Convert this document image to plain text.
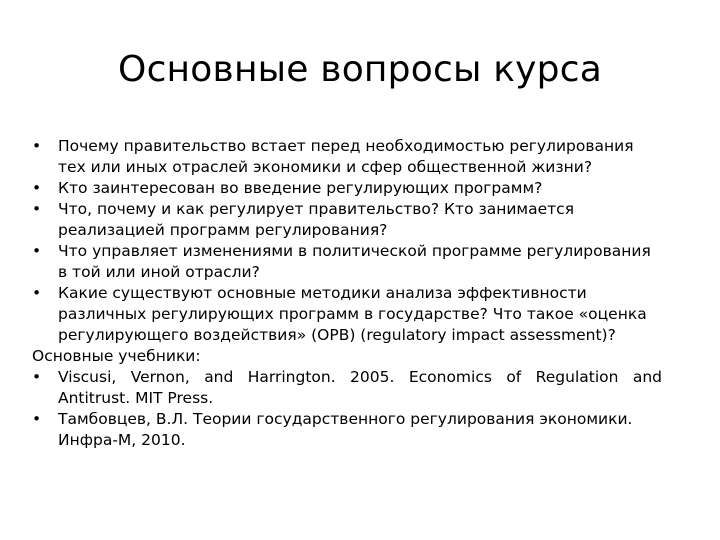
Основные вопросы курса
•	Почему правительство встает перед необходимостью регулирования тех или иных отраслей экономики и сфер общественной жизни?
•	Кто заинтересован во введение регулирующих программ?
•	Что, почему и как регулирует правительство? Кто занимается реализацией программ регулирования?
•	Что управляет изменениями в политической программе регулирования в той или иной отрасли?
•	Какие существуют основные методики анализа эффективности различных регулирующих программ в государстве? Что такое «оценка регулирующего воздействия» (ОРВ) (regulatory impact assessment)?
Основные учебники:
•	Viscusi, Vernon, and Harrington. 2005. Economics of Regulation and Antitrust. MIT Press.
•	Тамбовцев, В.Л. Теории государственного регулирования экономики. Инфра-М, 2010.
